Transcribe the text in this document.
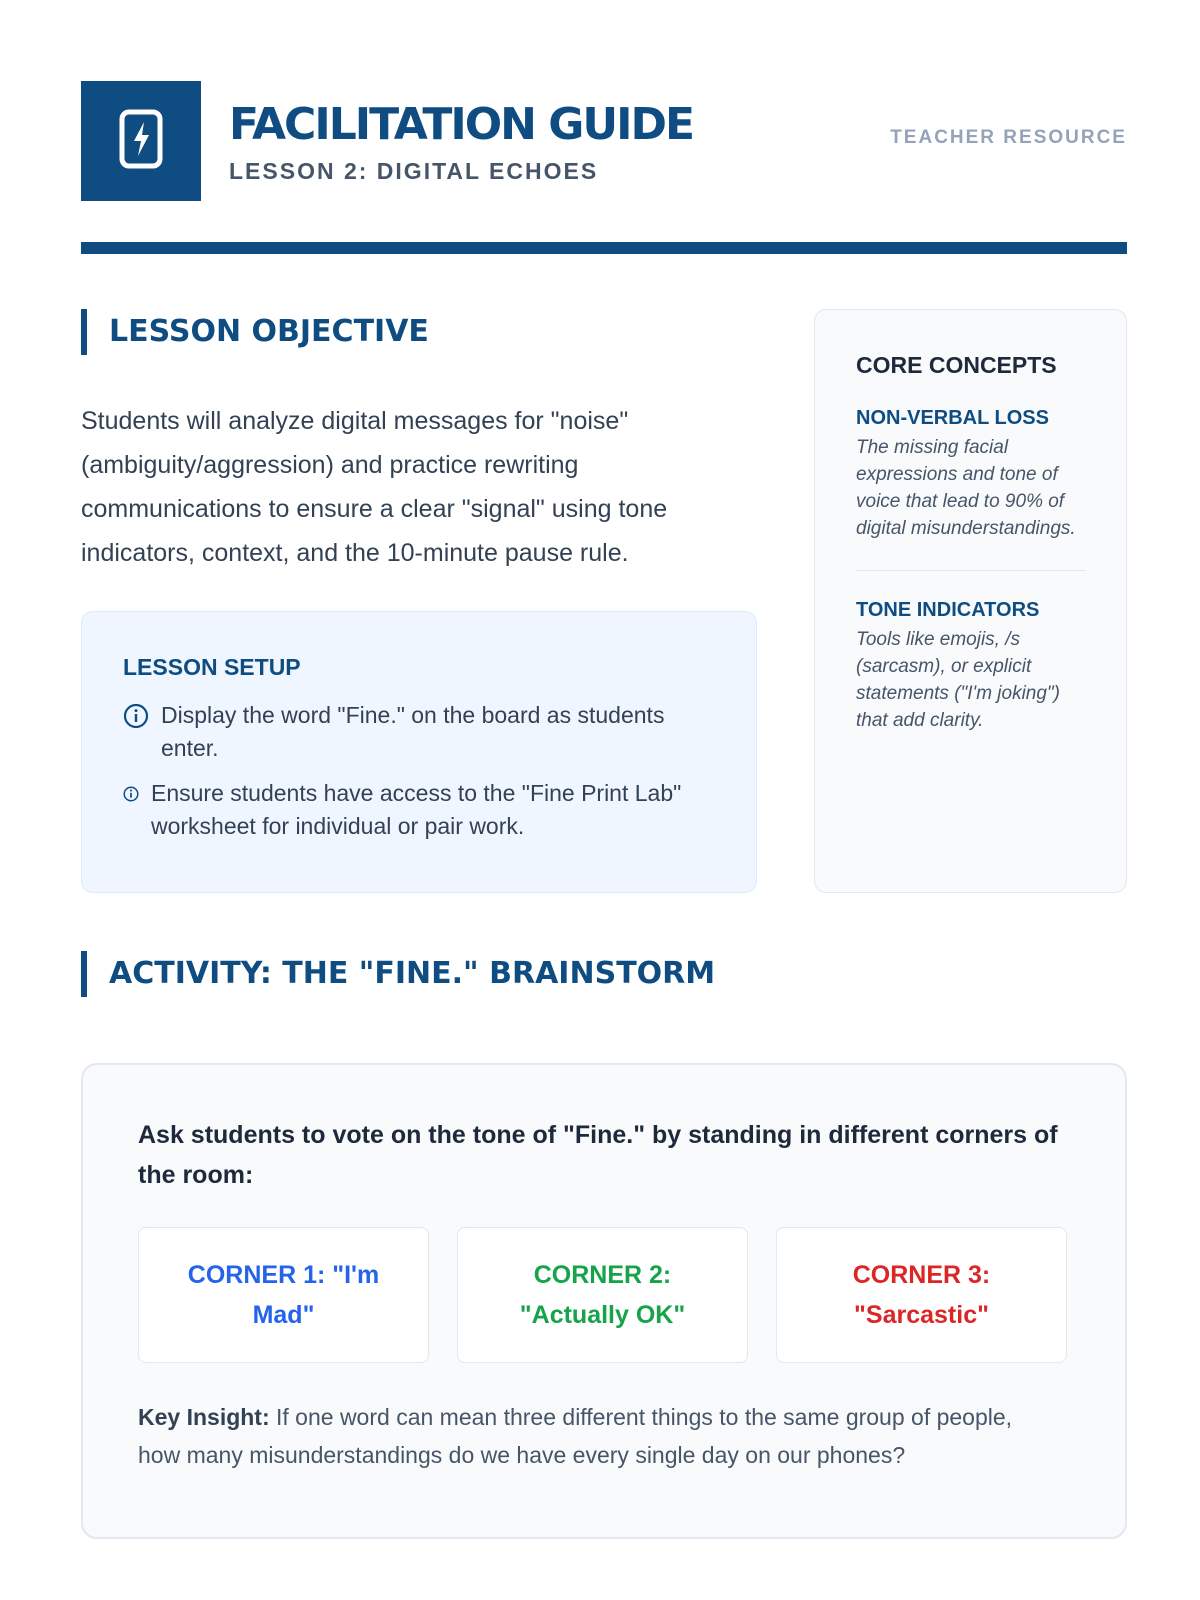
FACILITATION GUIDE
LESSON 2: DIGITAL ECHOES
TEACHER RESOURCE
LESSON OBJECTIVE
Students will analyze digital messages for "noise" (ambiguity/aggression) and practice rewriting communications to ensure a clear "signal" using tone indicators, context, and the 10-minute pause rule.
LESSON SETUP
Display the word "Fine." on the board as students enter.
Ensure students have access to the "Fine Print Lab" worksheet for individual or pair work.
CORE CONCEPTS
NON-VERBAL LOSS
The missing facial expressions and tone of voice that lead to 90% of digital misunderstandings.
TONE INDICATORS
Tools like emojis, /s (sarcasm), or explicit statements ("I'm joking") that add clarity.
ACTIVITY: THE "FINE." BRAINSTORM
Ask students to vote on the tone of "Fine." by standing in different corners of the room:
CORNER 1: "I'm Mad"
CORNER 2: "Actually OK"
CORNER 3: "Sarcastic"
Key Insight: If one word can mean three different things to the same group of people, how many misunderstandings do we have every single day on our phones?
